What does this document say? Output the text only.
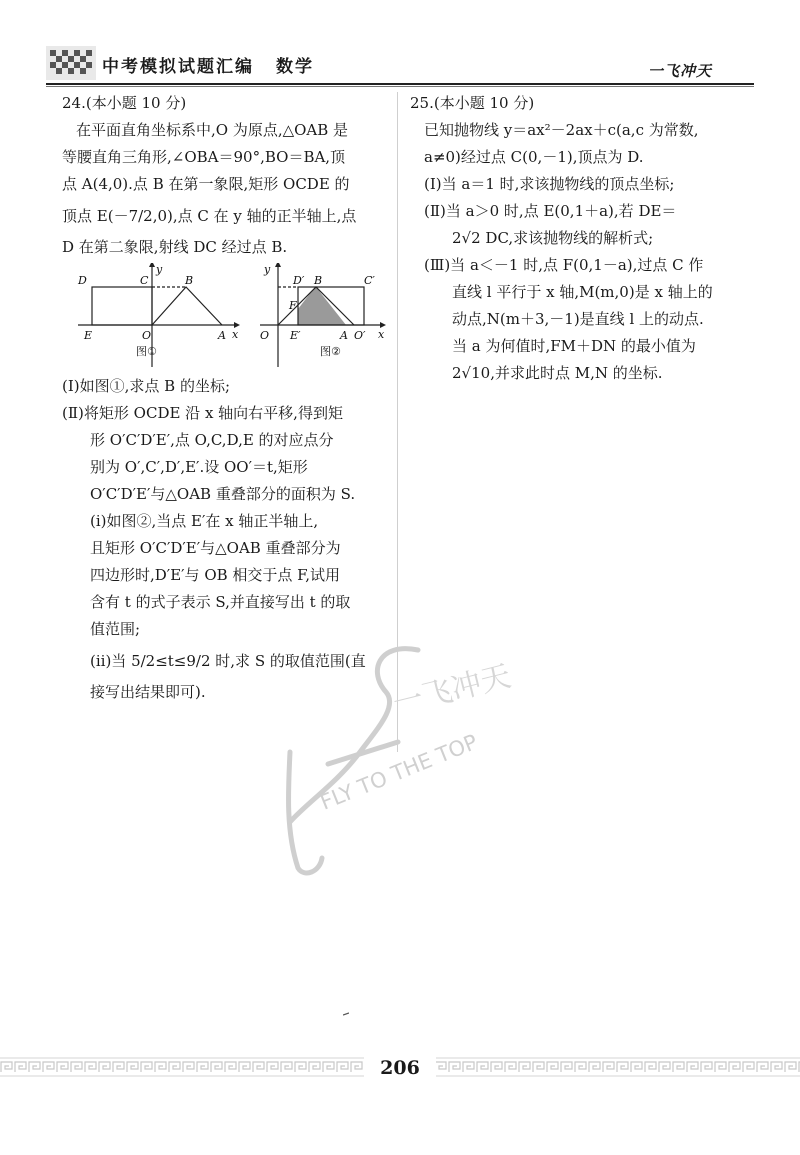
中考模拟试题汇编 数学	一飞冲天
24.(本小题 10 分)
在平面直角坐标系中,O 为原点,△OAB 是
等腰直角三角形,∠OBA＝90°,BO＝BA,顶
点 A(4,0).点 B 在第一象限,矩形 OCDE 的
顶点 E(－7/2,0),点 C 在 y 轴的正半轴上,点
D 在第二象限,射线 DC 经过点 B.
D	C	B
E	O	A x
y
图①
D′ B	C′
F
O E′	A O′ x
y
图②
(Ⅰ)如图①,求点 B 的坐标;
(Ⅱ)将矩形 OCDE 沿 x 轴向右平移,得到矩
形 O′C′D′E′,点 O,C,D,E 的对应点分
别为 O′,C′,D′,E′.设 OO′＝t,矩形
O′C′D′E′与△OAB 重叠部分的面积为 S.
(ⅰ)如图②,当点 E′在 x 轴正半轴上,
且矩形 O′C′D′E′与△OAB 重叠部分为
四边形时,D′E′与 OB 相交于点 F,试用
含有 t 的式子表示 S,并直接写出 t 的取
值范围;
(ⅱ)当 5/2≤t≤9/2 时,求 S 的取值范围(直
接写出结果即可).
25.(本小题 10 分)
已知抛物线 y＝ax²－2ax＋c(a,c 为常数,
a≠0)经过点 C(0,－1),顶点为 D.
(Ⅰ)当 a＝1 时,求该抛物线的顶点坐标;
(Ⅱ)当 a＞0 时,点 E(0,1＋a),若 DE＝
2√2 DC,求该抛物线的解析式;
(Ⅲ)当 a＜－1 时,点 F(0,1－a),过点 C 作
直线 l 平行于 x 轴,M(m,0)是 x 轴上的
动点,N(m＋3,－1)是直线 l 上的动点.
当 a 为何值时,FM＋DN 的最小值为
2√10,并求此时点 M,N 的坐标.
一飞冲天
FLY TO THE TOP
206
